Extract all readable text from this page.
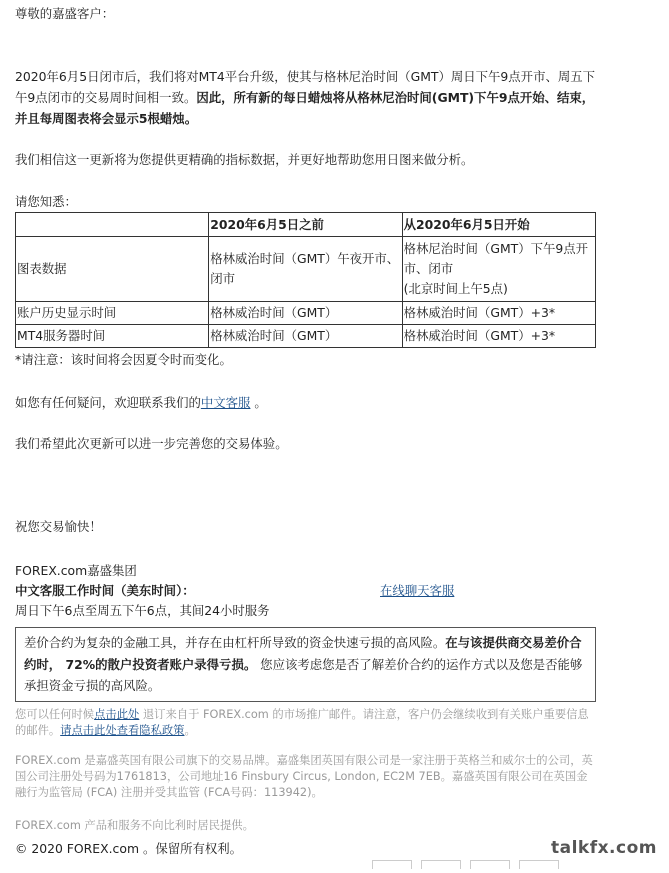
尊敬的嘉盛客户：

2020年6月5日闭市后，我们将对MT4平台升级，使其与格林尼治时间（GMT）周日下午9点开市、周五下午9点闭市的交易周时间相一致。因此，所有新的每日蜡烛将从格林尼治时间(GMT)下午9点开始、结束，并且每周图表将会显示5根蜡烛。

我们相信这一更新将为您提供更精确的指标数据，并更好地帮助您用日图来做分析。

请您知悉：

	2020年6月5日之前	从2020年6月5日开始
图表数据	格林威治时间（GMT）午夜开市、闭市	格林尼治时间（GMT）下午9点开市、闭市
(北京时间上午5点)
账户历史显示时间	格林威治时间（GMT）	格林威治时间（GMT）+3*
MT4服务器时间	格林威治时间（GMT）	格林威治时间（GMT）+3*

*请注意：该时间将会因夏令时而变化。

如您有任何疑问，欢迎联系我们的中文客服 。

我们希望此次更新可以进一步完善您的交易体验。

祝您交易愉快！

FOREX.com嘉盛集团

中文客服工作时间（美东时间）：	在线聊天客服

周日下午6点至周五下午6点，其间24小时服务

差价合约为复杂的金融工具，并存在由杠杆所导致的资金快速亏损的高风险。在与该提供商交易差价合约时， 72%的散户投资者账户录得亏损。 您应该考虑您是否了解差价合约的运作方式以及您是否能够承担资金亏损的高风险。

您可以任何时候点击此处 退订来自于 FOREX.com 的市场推广邮件。请注意，客户仍会继续收到有关账户重要信息的邮件。请点击此处查看隐私政策。

FOREX.com 是嘉盛英国有限公司旗下的交易品牌。嘉盛集团英国有限公司是一家注册于英格兰和威尔士的公司，英国公司注册处号码为1761813，公司地址16 Finsbury Circus, London, EC2M 7EB。嘉盛英国有限公司在英国金融行为监管局 (FCA) 注册并受其监管 (FCA号码：113942)。

FOREX.com 产品和服务不向比利时居民提供。

© 2020 FOREX.com 。保留所有权利。	talkfx.com
